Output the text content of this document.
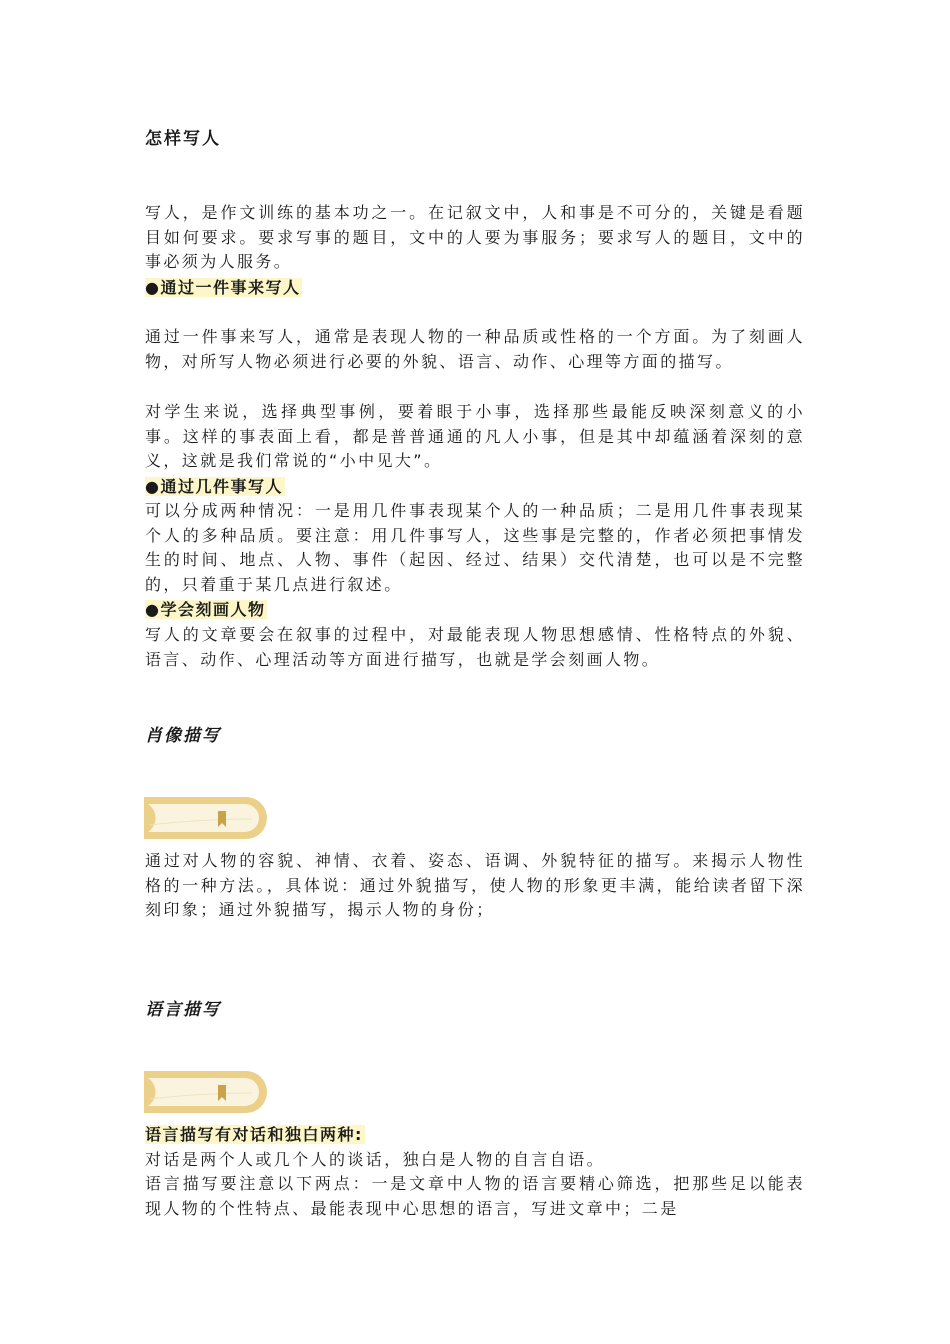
怎样写人

写人，是作文训练的基本功之一。在记叙文中，人和事是不可分的，关键是看题目如何要求。要求写事的题目，文中的人要为事服务；要求写人的题目，文中的事必须为人服务。

●通过一件事来写人

通过一件事来写人，通常是表现人物的一种品质或性格的一个方面。为了刻画人物，对所写人物必须进行必要的外貌、语言、动作、心理等方面的描写。

对学生来说，选择典型事例，要着眼于小事，选择那些最能反映深刻意义的小事。这样的事表面上看，都是普普通通的凡人小事，但是其中却蕴涵着深刻的意义，这就是我们常说的“小中见大”。

●通过几件事写人

可以分成两种情况：一是用几件事表现某个人的一种品质；二是用几件事表现某个人的多种品质。要注意：用几件事写人，这些事是完整的，作者必须把事情发生的时间、地点、人物、事件（起因、经过、结果）交代清楚，也可以是不完整的，只着重于某几点进行叙述。

●学会刻画人物

写人的文章要会在叙事的过程中，对最能表现人物思想感情、性格特点的外貌、语言、动作、心理活动等方面进行描写，也就是学会刻画人物。

肖像描写

通过对人物的容貌、神情、衣着、姿态、语调、外貌特征的描写。来揭示人物性格的一种方法。，具体说：通过外貌描写，使人物的形象更丰满，能给读者留下深刻印象；通过外貌描写，揭示人物的身份；

语言描写
语言描写有对话和独白两种:

对话是两个人或几个人的谈话，独白是人物的自言自语。

语言描写要注意以下两点：一是文章中人物的语言要精心筛选，把那些足以能表现人物的个性特点、最能表现中心思想的语言，写进文章中；二是
